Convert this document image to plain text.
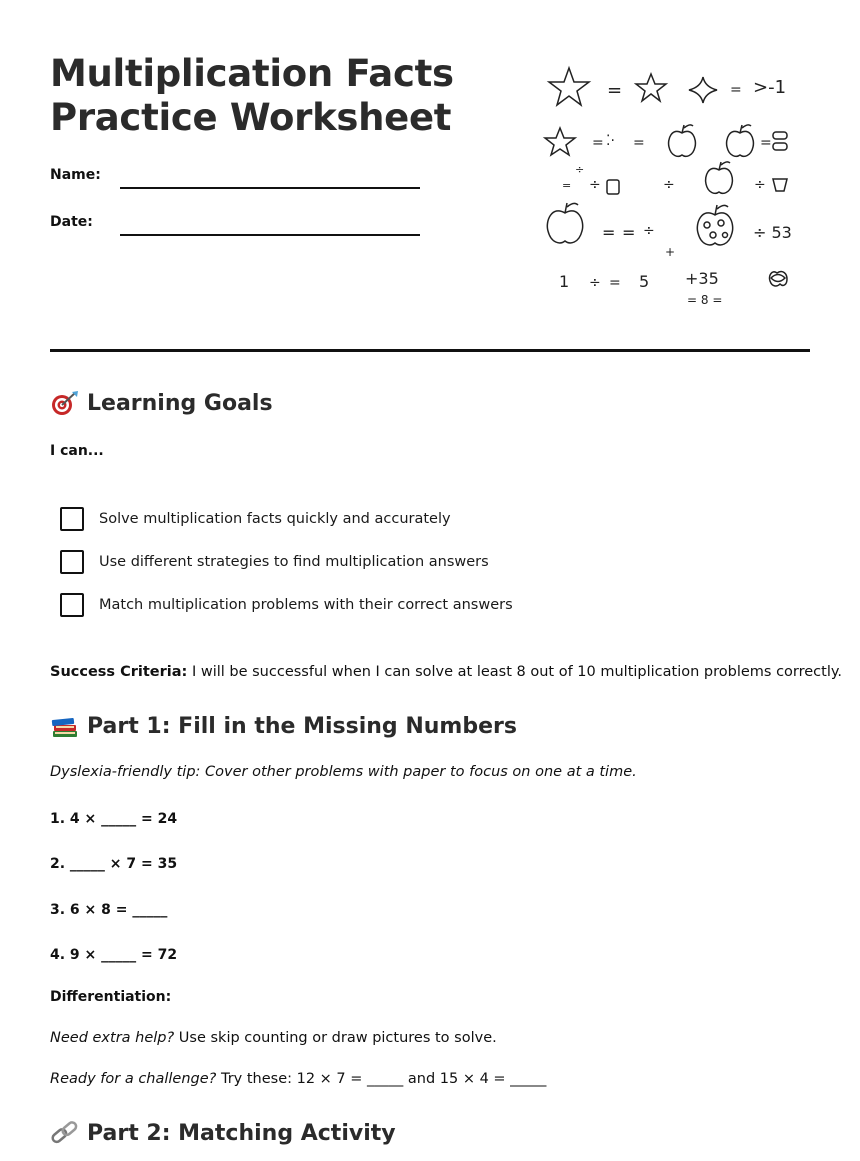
Multiplication Facts
Practice Worksheet
Name:
Date:
=	= >-1
= ⁚· =	=
÷
= ÷	÷	÷
= = ÷	÷ 53
+
1 ÷ = 5 +35
= 8 =
Learning Goals
I can...
Solve multiplication facts quickly and accurately
Use different strategies to find multiplication answers
Match multiplication problems with their correct answers
Success Criteria: I will be successful when I can solve at least 8 out of 10 multiplication problems correctly.
Part 1: Fill in the Missing Numbers
Dyslexia-friendly tip: Cover other problems with paper to focus on one at a time.
1. 4 × _____ = 24
2. _____ × 7 = 35
3. 6 × 8 = _____
4. 9 × _____ = 72
Differentiation:
Need extra help? Use skip counting or draw pictures to solve.
Ready for a challenge? Try these: 12 × 7 = _____ and 15 × 4 = _____
Part 2: Matching Activity
